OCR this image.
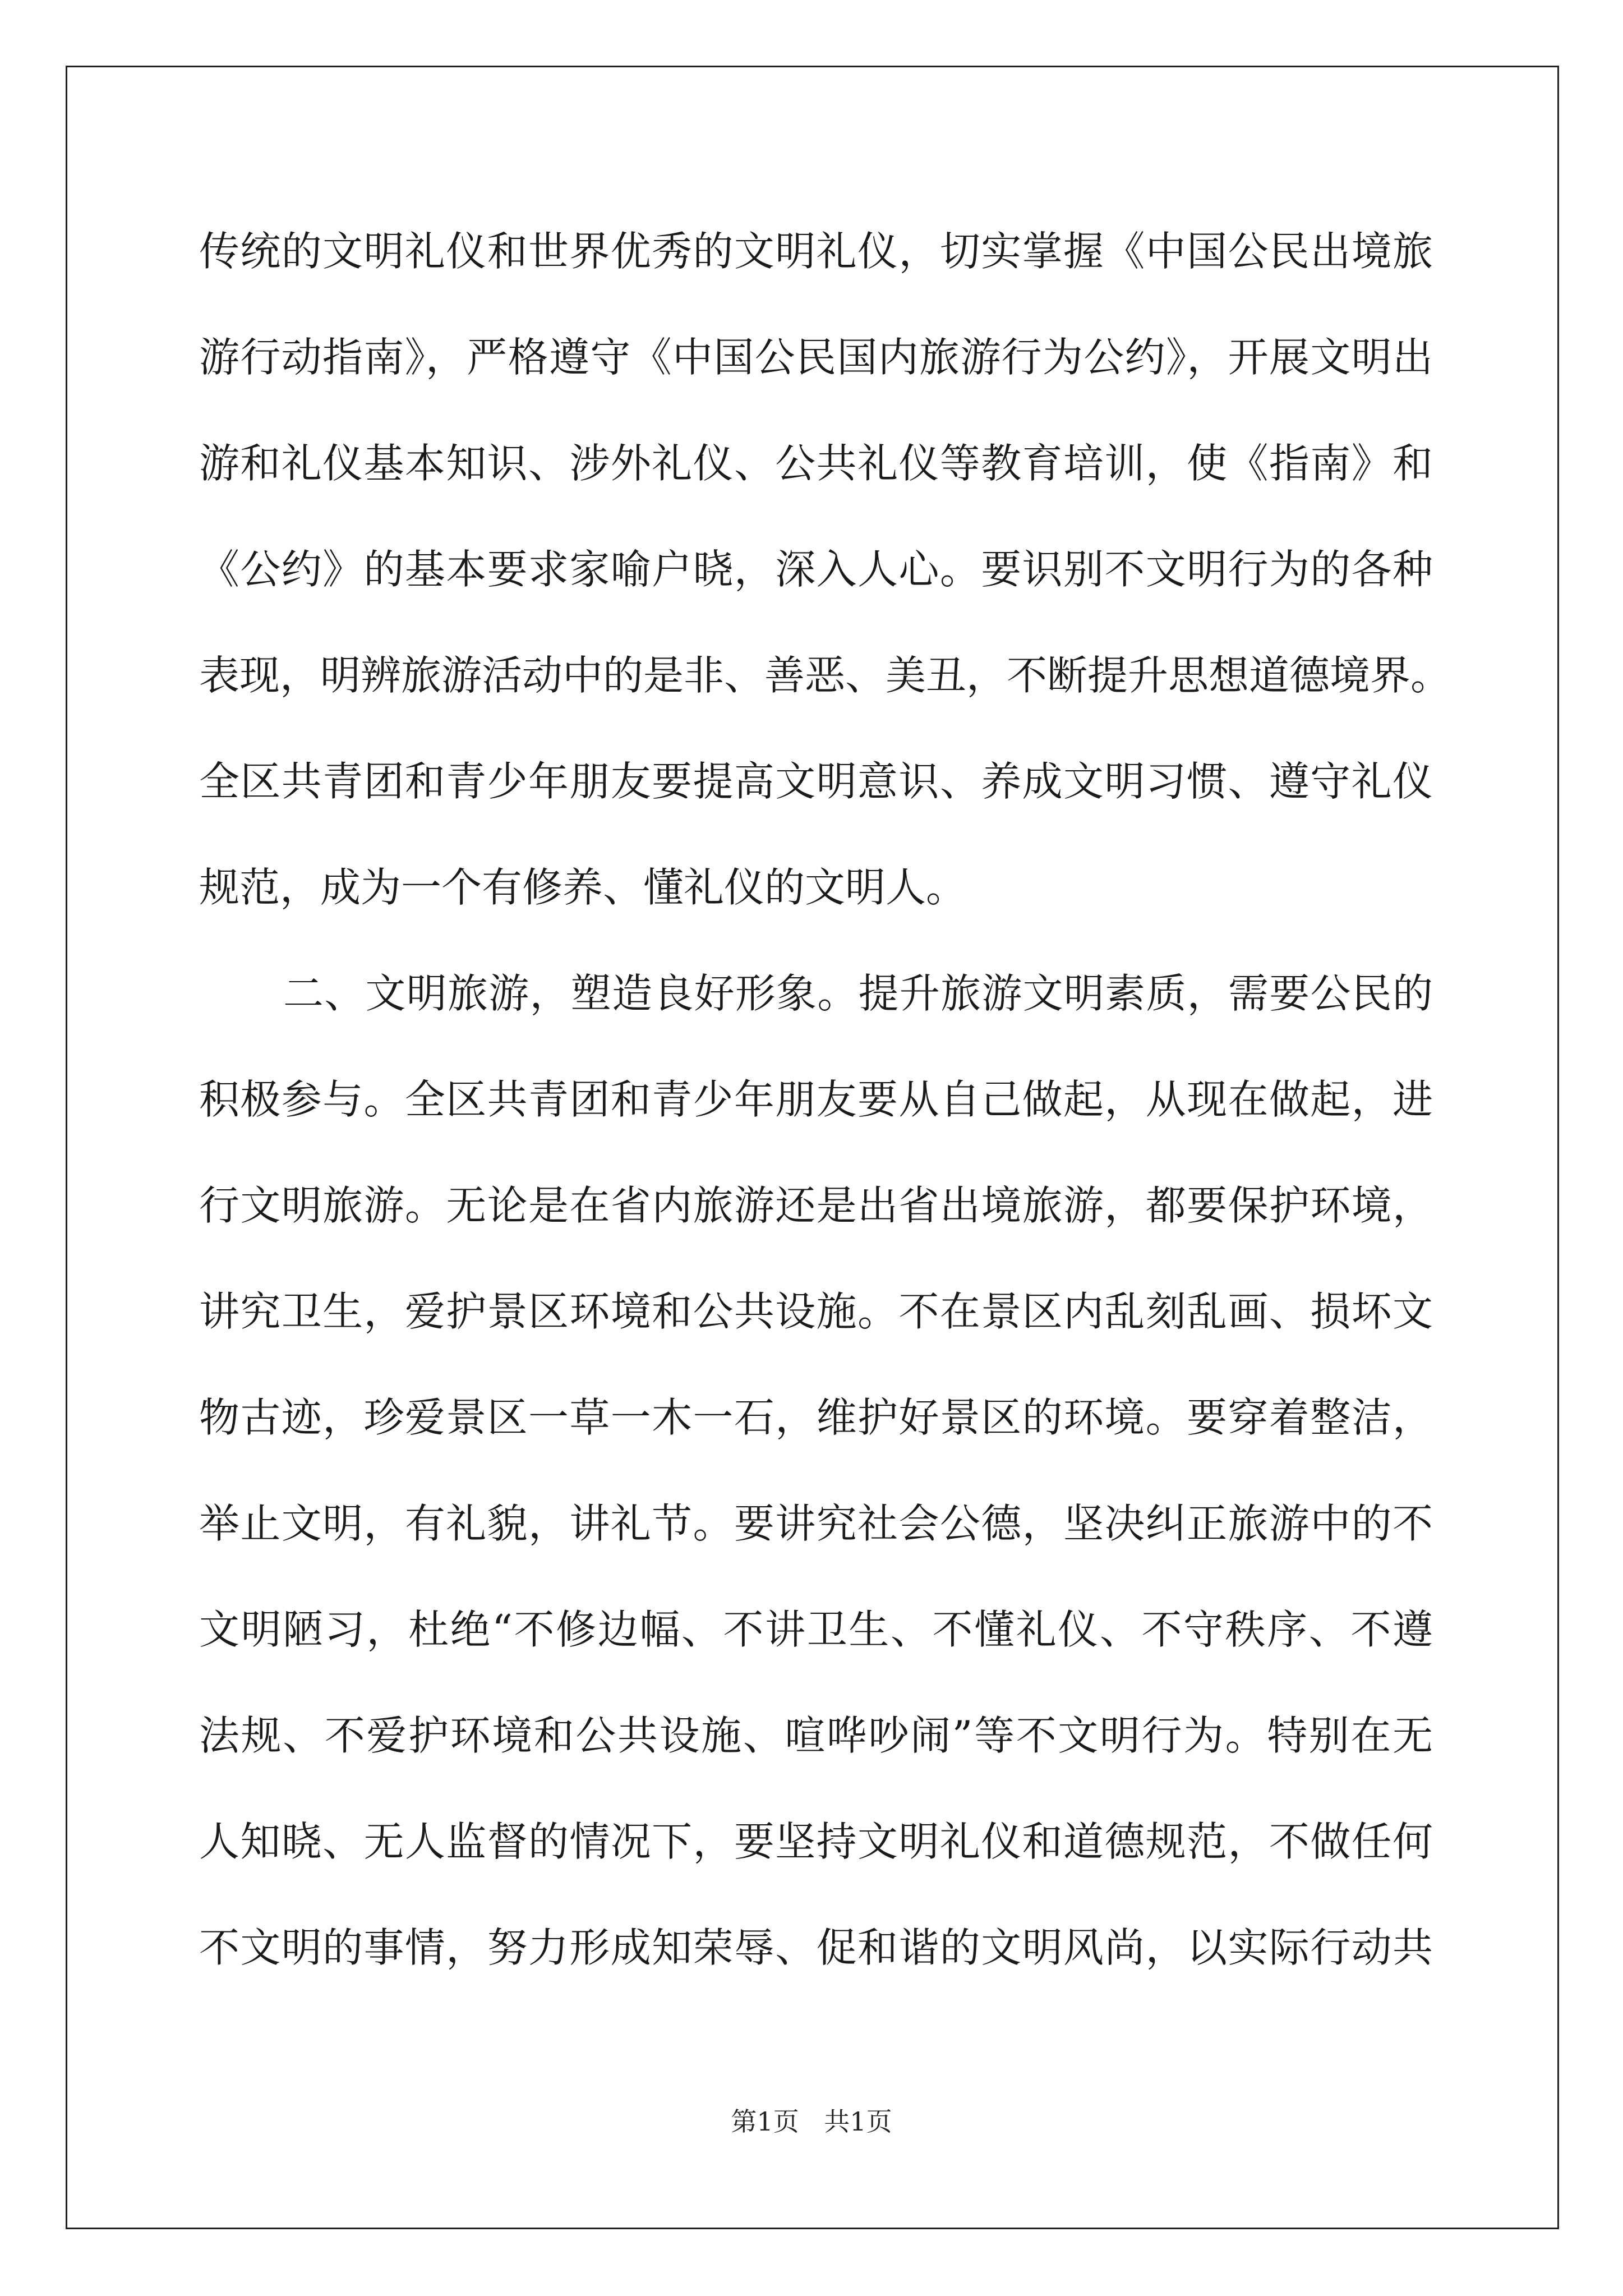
传统的文明礼仪和世界优秀的文明礼仪，切实掌握《中国公民出境旅
游行动指南》，严格遵守《中国公民国内旅游行为公约》，开展文明出
游和礼仪基本知识、涉外礼仪、公共礼仪等教育培训，使《指南》和
《公约》的基本要求家喻户晓，深入人心。要识别不文明行为的各种
表现，明辨旅游活动中的是非、善恶、美丑，不断提升思想道德境界。
全区共青团和青少年朋友要提高文明意识、养成文明习惯、遵守礼仪
规范，成为一个有修养、懂礼仪的文明人。
二、文明旅游，塑造良好形象。提升旅游文明素质，需要公民的
积极参与。全区共青团和青少年朋友要从自己做起，从现在做起，进
行文明旅游。无论是在省内旅游还是出省出境旅游，都要保护环境，
讲究卫生，爱护景区环境和公共设施。不在景区内乱刻乱画、损坏文
物古迹，珍爱景区一草一木一石，维护好景区的环境。要穿着整洁，
举止文明，有礼貌，讲礼节。要讲究社会公德，坚决纠正旅游中的不
文明陋习，杜绝“不修边幅、不讲卫生、不懂礼仪、不守秩序、不遵
法规、不爱护环境和公共设施、喧哗吵闹”等不文明行为。特别在无
人知晓、无人监督的情况下，要坚持文明礼仪和道德规范，不做任何
不文明的事情，努力形成知荣辱、促和谐的文明风尚，以实际行动共
第1页 共1页
